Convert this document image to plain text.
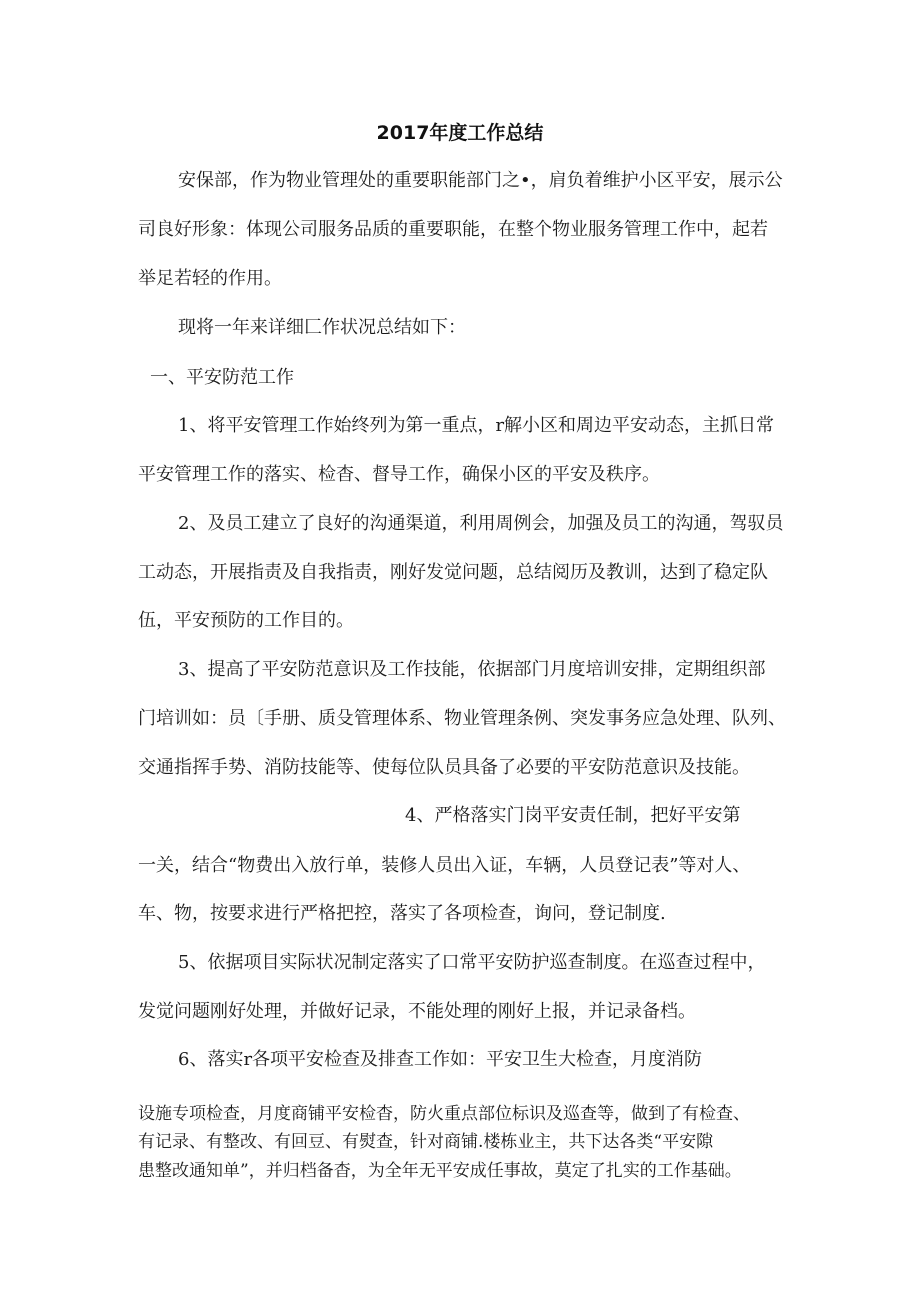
2017年度工作总结
安保部，作为物业管理处的重要职能部门之•，肩负着维护小区平安，展示公
司良好形象：体现公司服务品质的重要职能，在整个物业服务管理工作中，起若
举足若轻的作用。
现将一年来详细匚作状况总结如下：
一、平安防范工作
1、将平安管理工作始终列为第一重点，r解小区和周边平安动态，主抓日常
平安管理工作的落实、检杳、督导工作，确保小区的平安及秩序。
2、及员工建立了良好的沟通渠道，利用周例会，加强及员工的沟通，驾驭员
工动态，开展指责及自我指责，刚好发觉问题，总结阅历及教训，达到了稳定队
伍，平安预防的工作目的。
3、提高了平安防范意识及工作技能，依据部门月度培训安排，定期组织部
门培训如：员〔手册、质殳管理体系、物业管理条例、突发事务应急处理、队列、
交通指挥手势、消防技能等、使每位队员具备了必要的平安防范意识及技能。
4、严格落实门岗平安责任制，把好平安第
一关，结合“物费出入放行单，装修人员出入证，车辆，人员登记表”等对人、
车、物，按要求进行严格把控，落实了各项检查，询问，登记制度.
5、依据项目实际状况制定落实了口常平安防护巡查制度。在巡查过程中，
发觉问题刚好处理，并做好记录，不能处理的刚好上报，并记录备档。
6、落实r各项平安检查及排查工作如：平安卫生大检查，月度消防
设施专项检查，月度商铺平安检杳，防火重点部位标识及巡查等，做到了有检查、
有记录、有整改、有回豆、有熨查，针对商铺.楼栋业主，共下达各类“平安隙
患整改通知单”，并归档备杳，为全年无平安成任事故，莫定了扎实的工作基础。
